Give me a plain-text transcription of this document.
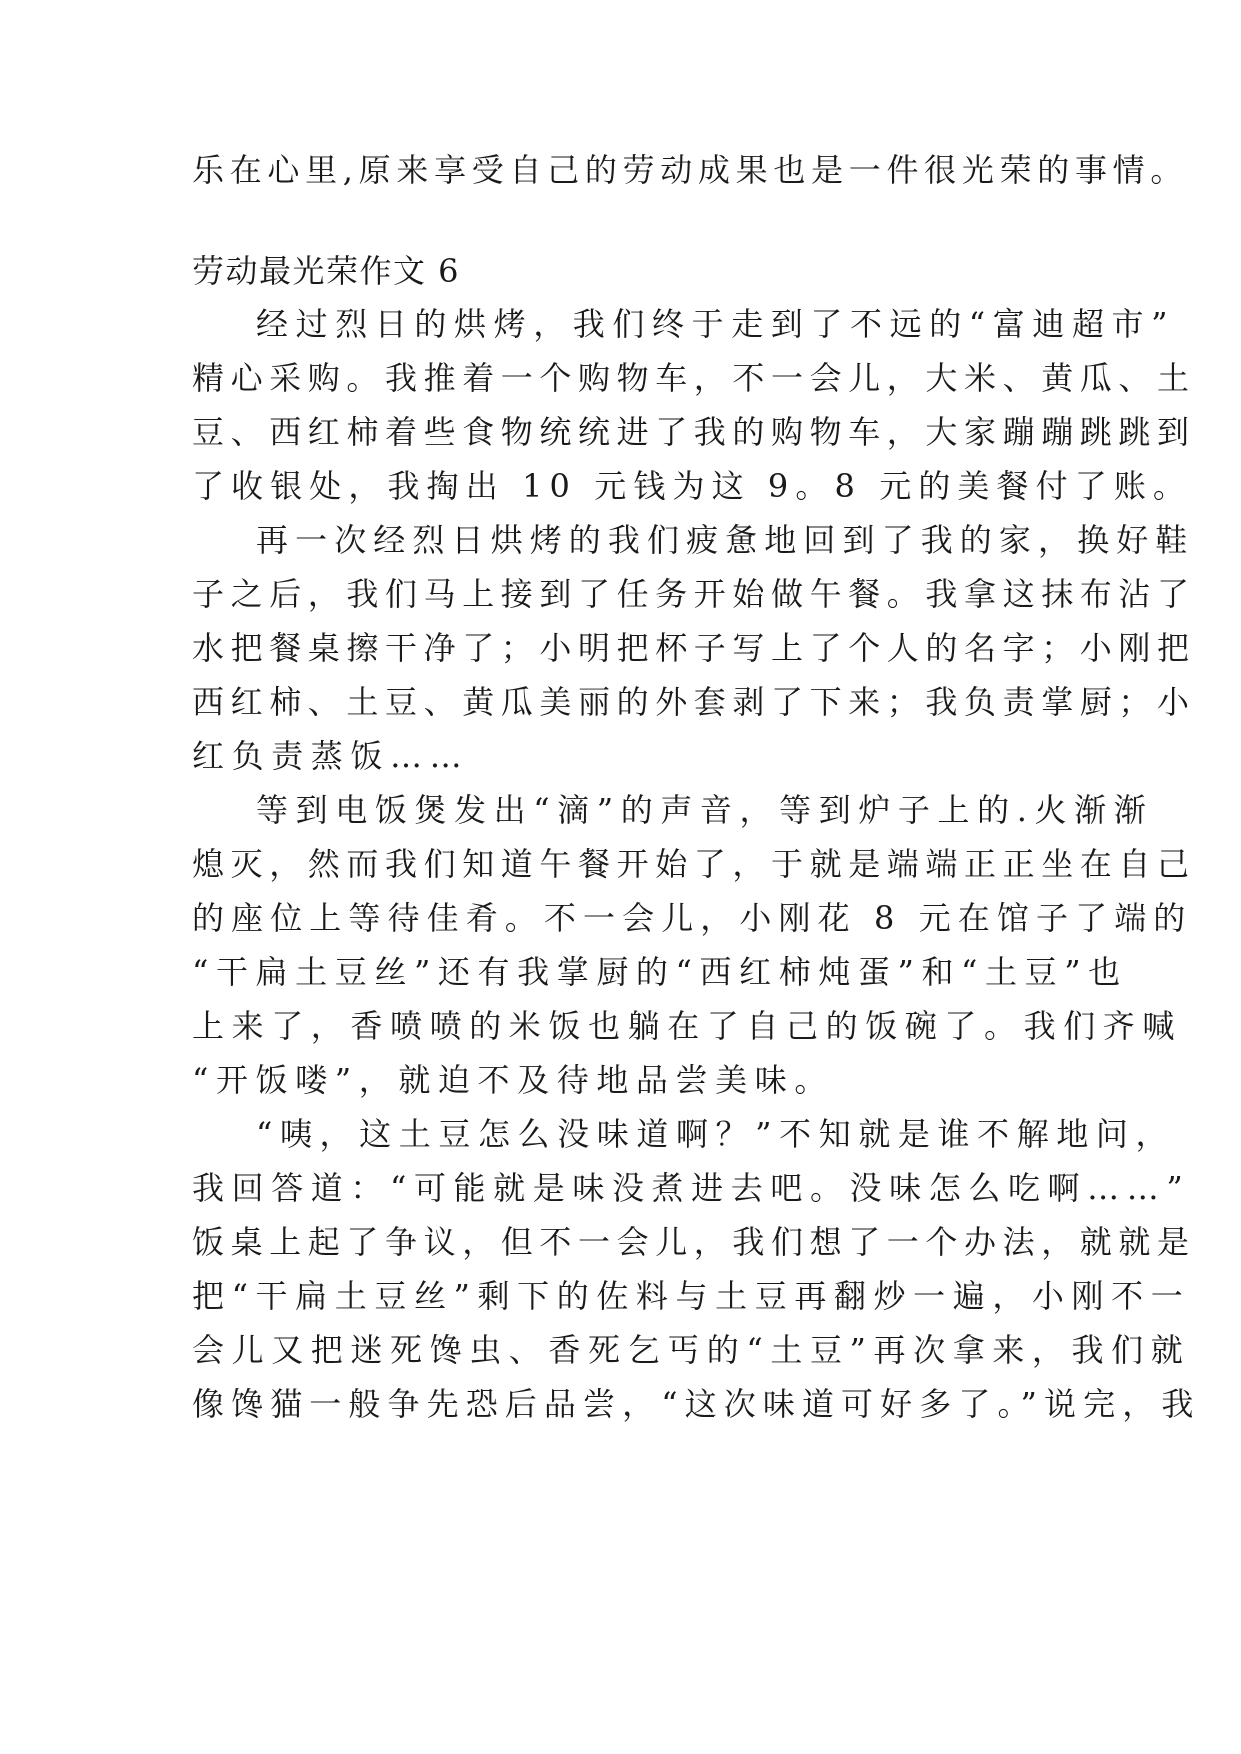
乐在心里,原来享受自己的劳动成果也是一件很光荣的事情。

劳动最光荣作文 6

经过烈日的烘烤，我们终于走到了不远的“富迪超市”

精心采购。我推着一个购物车，不一会儿，大米、黄瓜、土

豆、西红柿着些食物统统进了我的购物车，大家蹦蹦跳跳到

了收银处，我掏出 10 元钱为这 9。8 元的美餐付了账。

再一次经烈日烘烤的我们疲惫地回到了我的家，换好鞋

子之后，我们马上接到了任务开始做午餐。我拿这抹布沾了

水把餐桌擦干净了；小明把杯子写上了个人的名字；小刚把

西红柿、土豆、黄瓜美丽的外套剥了下来；我负责掌厨；小

红负责蒸饭……

等到电饭煲发出“滴”的声音，等到炉子上的.火渐渐

熄灭，然而我们知道午餐开始了，于就是端端正正坐在自己

的座位上等待佳肴。不一会儿，小刚花 8 元在馆子了端的

“干扁土豆丝”还有我掌厨的“西红柿炖蛋”和“土豆”也

上来了，香喷喷的米饭也躺在了自己的饭碗了。我们齐喊

“开饭喽”，就迫不及待地品尝美味。

“咦，这土豆怎么没味道啊？”不知就是谁不解地问，

我回答道：“可能就是味没煮进去吧。没味怎么吃啊……”

饭桌上起了争议，但不一会儿，我们想了一个办法，就就是

把“干扁土豆丝”剩下的佐料与土豆再翻炒一遍，小刚不一

会儿又把迷死馋虫、香死乞丐的“土豆”再次拿来，我们就

像馋猫一般争先恐后品尝，“这次味道可好多了。”说完，我
